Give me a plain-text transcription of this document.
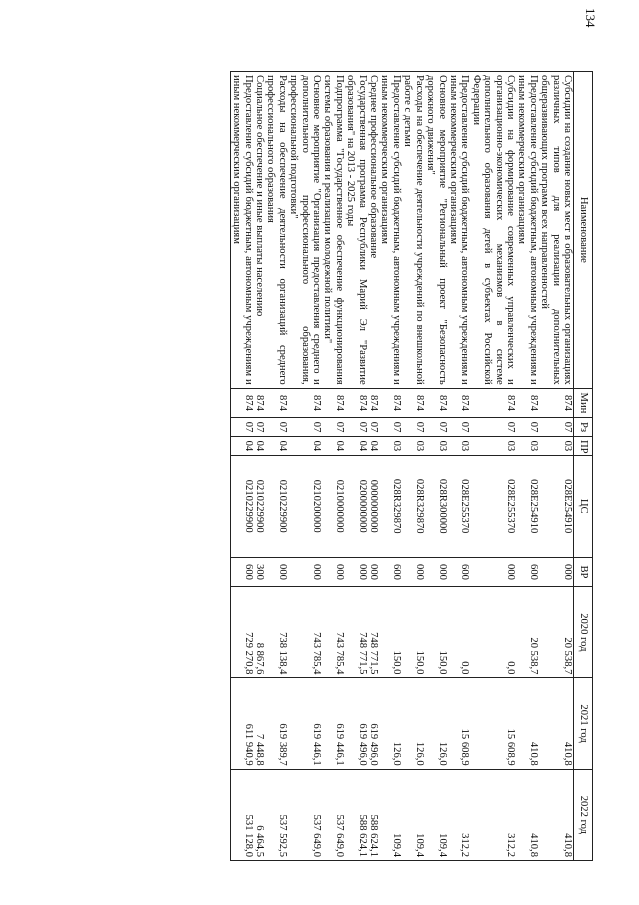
134
Наименование	Мин	Рз	ПР	ЦС	ВР	2020 год	2021 год	2022 год
Субсидии на создание новых мест в образовательных организациях различных типов для реализации дополнительных общеразвивающих программ всех направленностей	874	07	03	028E254910	000	20 538,7	410,8	410,8
Предоставление субсидий бюджетным, автономным учреждениям и иным некоммерческим организациям	874	07	03	028E254910	600	20 538,7	410,8	410,8
Субсидии на формирование современных управленческих и организационно-экономических механизмов в системе дополнительного образования детей в субъектах Российской Федерации	874	07	03	028E255370	000	0,0	15 608,9	312,2
Предоставление субсидий бюджетным, автономным учреждениям и иным некоммерческим организациям	874	07	03	028E255370	600	0,0	15 608,9	312,2
Основное мероприятие "Региональный проект "Безопасность дорожного движения"	874	07	03	028R300000	000	150,0	126,0	109,4
Расходы на обеспечение деятельности учреждений по внешкольной работе с детьми	874	07	03	028R329870	000	150,0	126,0	109,4
Предоставление субсидий бюджетным, автономным учреждениям и иным некоммерческим организациям	874	07	03	028R329870	600	150,0	126,0	109,4
Среднее профессиональное образование	874	07	04	0000000000	000	748 771,5	619 496,0	588 624,1
Государственная программа Республики Марий Эл "Развитие образования" на 2013 - 2025 годы	874	07	04	0200000000	000	748 771,5	619 496,0	588 624,1
Подпрограмма "Государственное обеспечение функционирования системы образования и реализации молодежной политики"	874	07	04	0210000000	000	743 785,4	619 446,1	537 649,0
Основное мероприятие "Организация предоставления среднего и дополнительного профессионального образования, профессиональной подготовки"	874	07	04	0210200000	000	743 785,4	619 446,1	537 649,0
Расходы на обеспечение деятельности организаций среднего профессионального образования	874	07	04	0210229900	000	738 138,4	619 389,7	537 592,5
Социальное обеспечение и иные выплаты населению	874	07	04	0210229900	300	8 867,6	7 448,8	6 464,5
Предоставление субсидий бюджетным, автономным учреждениям и иным некоммерческим организациям	874	07	04	0210229900	600	729 270,8	611 940,9	531 128,0
